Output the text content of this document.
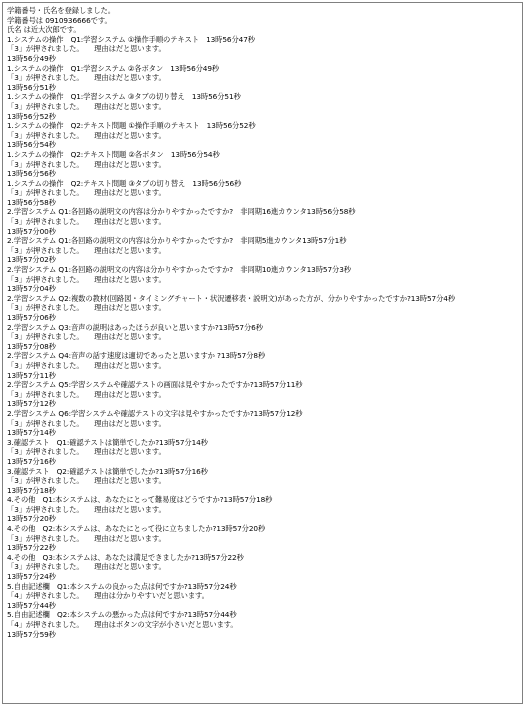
学籍番号・氏名を登録しました。
学籍番号は 0910936666です。
氏名 は近大次郎です。
1.システムの操作　Q1:学習システム ①操作手順のテキスト　13時56分47秒
「3」が押されました。　　理由はだと思います。
13時56分49秒
1.システムの操作　Q1:学習システム ②各ボタン　13時56分49秒
「3」が押されました。　　理由はだと思います。
13時56分51秒
1.システムの操作　Q1:学習システム ③タブの切り替え　13時56分51秒
「3」が押されました。　　理由はだと思います。
13時56分52秒
1.システムの操作　Q2:テキスト問題 ①操作手順のテキスト　13時56分52秒
「3」が押されました。　　理由はだと思います。
13時56分54秒
1.システムの操作　Q2:テキスト問題 ②各ボタン　13時56分54秒
「3」が押されました。　　理由はだと思います。
13時56分56秒
1.システムの操作　Q2:テキスト問題 ③タブの切り替え　13時56分56秒
「3」が押されました。　　理由はだと思います。
13時56分58秒
2.学習システム Q1:各回路の説明文の内容は分かりやすかったですか?　非同期16進カウンタ13時56分58秒
「3」が押されました。　　理由はだと思います。
13時57分00秒
2.学習システム Q1:各回路の説明文の内容は分かりやすかったですか?　非同期5進カウンタ13時57分1秒
「3」が押されました。　　理由はだと思います。
13時57分02秒
2.学習システム Q1:各回路の説明文の内容は分かりやすかったですか?　非同期10進カウンタ13時57分3秒
「3」が押されました。　　理由はだと思います。
13時57分04秒
2.学習システム Q2:複数の教材(回路図・タイミングチャート・状況遷移表・説明文)があった方が、分かりやすかったですか?13時57分4秒
「3」が押されました。　　理由はだと思います。
13時57分06秒
2.学習システム Q3:音声の説明はあったほうが良いと思いますか?13時57分6秒
「3」が押されました。　　理由はだと思います。
13時57分08秒
2.学習システム Q4:音声の話す速度は適切であったと思いますか ?13時57分8秒
「3」が押されました。　　理由はだと思います。
13時57分11秒
2.学習システム Q5:学習システムや確認テストの画面は見やすかったですか?13時57分11秒
「3」が押されました。　　理由はだと思います。
13時57分12秒
2.学習システム Q6:学習システムや確認テストの文字は見やすかったですか?13時57分12秒
「3」が押されました。　　理由はだと思います。
13時57分14秒
3.確認テスト　Q1:確認テストは簡単でしたか?13時57分14秒
「3」が押されました。　　理由はだと思います。
13時57分16秒
3.確認テスト　Q2:確認テストは簡単でしたか?13時57分16秒
「3」が押されました。　　理由はだと思います。
13時57分18秒
4.その他　Q1:本システムは、あなたにとって難易度はどうですか?13時57分18秒
「3」が押されました。　　理由はだと思います。
13時57分20秒
4.その他　Q2:本システムは、あなたにとって役に立ちましたか?13時57分20秒
「3」が押されました。　　理由はだと思います。
13時57分22秒
4.その他　Q3:本システムは、あなたは満足できましたか?13時57分22秒
「3」が押されました。　　理由はだと思います。
13時57分24秒
5.自由記述欄　Q1:本システムの良かった点は何ですか?13時57分24秒
「4」が押されました。　　理由は分かりやすいだと思います。
13時57分44秒
5.自由記述欄　Q2:本システムの悪かった点は何ですか?13時57分44秒
「4」が押されました。　　理由はボタンの文字が小さいだと思います。
13時57分59秒
